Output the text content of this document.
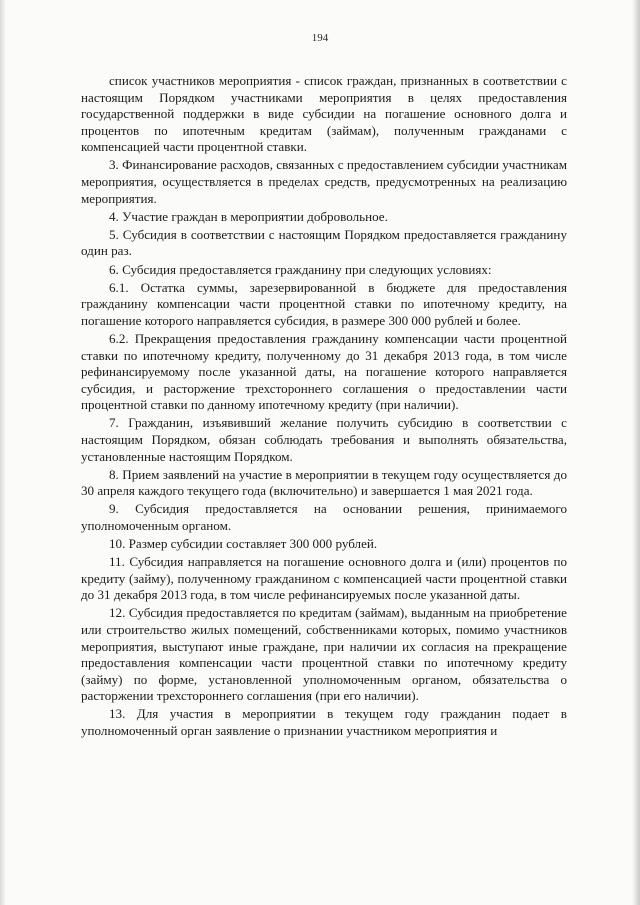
194

список участников мероприятия - список граждан, признанных в соответствии с настоящим Порядком участниками мероприятия в целях предоставления государственной поддержки в виде субсидии на погашение основного долга и процентов по ипотечным кредитам (займам), полученным гражданами с компенсацией части процентной ставки.

3. Финансирование расходов, связанных с предоставлением субсидии участникам мероприятия, осуществляется в пределах средств, предусмотренных на реализацию мероприятия.

4. Участие граждан в мероприятии добровольное.

5. Субсидия в соответствии с настоящим Порядком предоставляется гражданину один раз.

6. Субсидия предоставляется гражданину при следующих условиях:

6.1. Остатка суммы, зарезервированной в бюджете для предоставления гражданину компенсации части процентной ставки по ипотечному кредиту, на погашение которого направляется субсидия, в размере 300 000 рублей и более.

6.2. Прекращения предоставления гражданину компенсации части процентной ставки по ипотечному кредиту, полученному до 31 декабря 2013 года, в том числе рефинансируемому после указанной даты, на погашение которого направляется субсидия, и расторжение трехстороннего соглашения о предоставлении части процентной ставки по данному ипотечному кредиту (при наличии).

7. Гражданин, изъявивший желание получить субсидию в соответствии с настоящим Порядком, обязан соблюдать требования и выполнять обязательства, установленные настоящим Порядком.

8. Прием заявлений на участие в мероприятии в текущем году осуществляется до 30 апреля каждого текущего года (включительно) и завершается 1 мая 2021 года.

9. Субсидия предоставляется на основании решения, принимаемого уполномоченным органом.

10. Размер субсидии составляет 300 000 рублей.

11. Субсидия направляется на погашение основного долга и (или) процентов по кредиту (займу), полученному гражданином с компенсацией части процентной ставки до 31 декабря 2013 года, в том числе рефинансируемых после указанной даты.

12. Субсидия предоставляется по кредитам (займам), выданным на приобретение или строительство жилых помещений, собственниками которых, помимо участников мероприятия, выступают иные граждане, при наличии их согласия на прекращение предоставления компенсации части процентной ставки по ипотечному кредиту (займу) по форме, установленной уполномоченным органом, обязательства о расторжении трехстороннего соглашения (при его наличии).

13. Для участия в мероприятии в текущем году гражданин подает в уполномоченный орган заявление о признании участником мероприятия и
